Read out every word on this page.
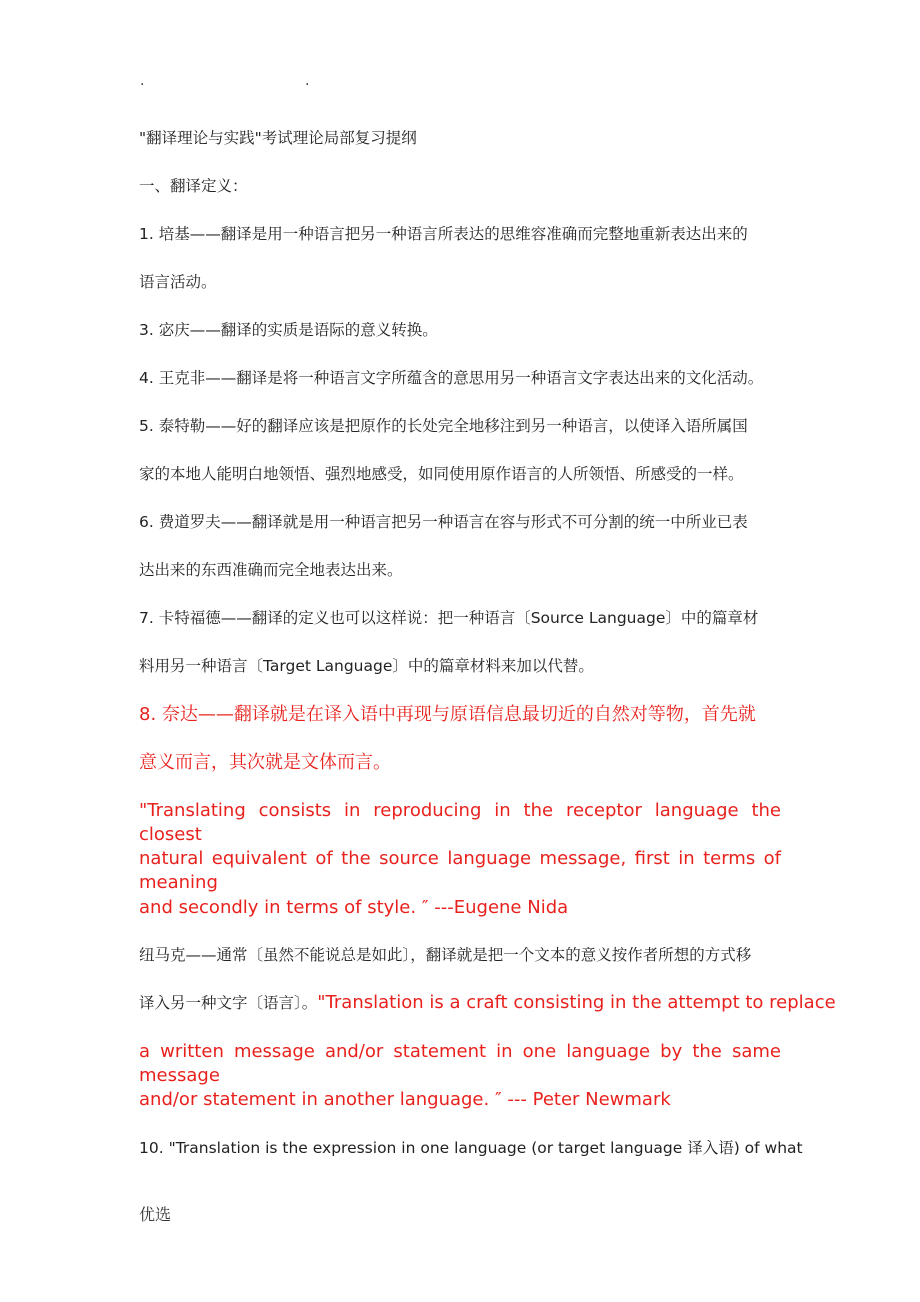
.	.
"翻译理论与实践"考试理论局部复习提纲
一、翻译定义：
1. 培基——翻译是用一种语言把另一种语言所表达的思维容准确而完整地重新表达出来的
语言活动。
3. 宓庆——翻译的实质是语际的意义转换。
4. 王克非——翻译是将一种语言文字所蕴含的意思用另一种语言文字表达出来的文化活动。
5. 泰特勒——好的翻译应该是把原作的长处完全地移注到另一种语言，以使译入语所属国
家的本地人能明白地领悟、强烈地感受，如同使用原作语言的人所领悟、所感受的一样。
6. 费道罗夫——翻译就是用一种语言把另一种语言在容与形式不可分割的统一中所业已表
达出来的东西准确而完全地表达出来。
7. 卡特福德——翻译的定义也可以这样说：把一种语言〔Source Language〕中的篇章材
料用另一种语言〔Target Language〕中的篇章材料来加以代替。
8. 奈达——翻译就是在译入语中再现与原语信息最切近的自然对等物，首先就
意义而言，其次就是文体而言。
"Translating consists in reproducing in the receptor language the closest
natural equivalent of the source language message, first in terms of meaning
and secondly in terms of style. ″ ---Eugene Nida
纽马克——通常〔虽然不能说总是如此〕，翻译就是把一个文本的意义按作者所想的方式移
译入另一种文字〔语言〕。"Translation is a craft consisting in the attempt to replace
a written message and/or statement in one language by the same message
and/or statement in another language. ″ --- Peter Newmark
10. "Translation is the expression in one language (or target language 译入语) of what
优选
